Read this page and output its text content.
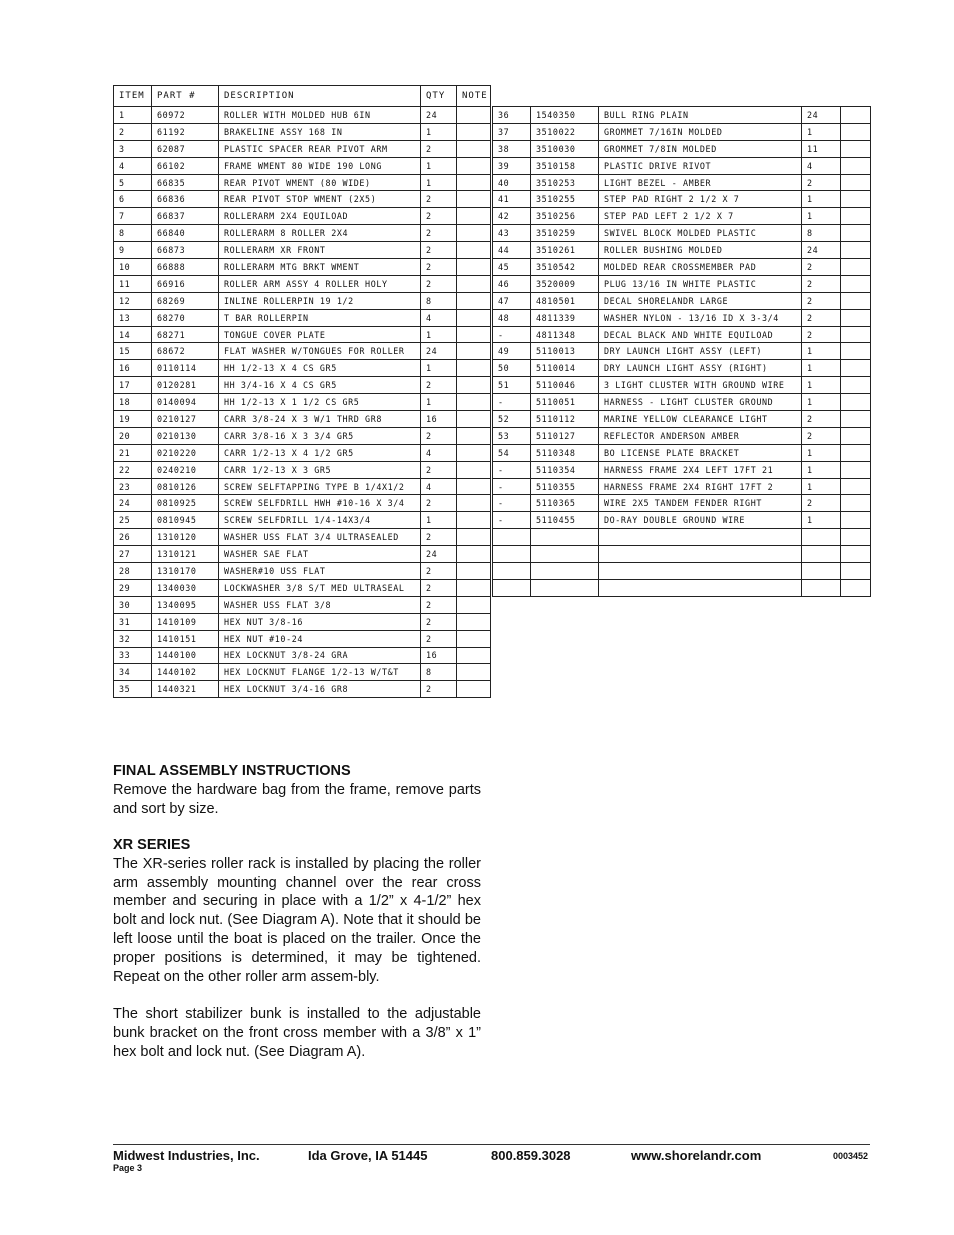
ITEM	PART #	DESCRIPTION	QTY	NOTE
1	60972	ROLLER WITH MOLDED HUB 6IN	24	
2	61192	BRAKELINE ASSY 168 IN	1	
3	62087	PLASTIC SPACER REAR PIVOT ARM	2	
4	66102	FRAME WMENT 80 WIDE 190 LONG	1	
5	66835	REAR PIVOT WMENT (80 WIDE)	1	
6	66836	REAR PIVOT STOP WMENT (2X5)	2	
7	66837	ROLLERARM 2X4 EQUILOAD	2	
8	66840	ROLLERARM 8 ROLLER 2X4	2	
9	66873	ROLLERARM XR FRONT	2	
10	66888	ROLLERARM MTG BRKT WMENT	2	
11	66916	ROLLER ARM ASSY 4 ROLLER HOLY	2	
12	68269	INLINE ROLLERPIN 19 1/2	8	
13	68270	T BAR ROLLERPIN	4	
14	68271	TONGUE COVER PLATE	1	
15	68672	FLAT WASHER W/TONGUES FOR ROLLER	24	
16	0110114	HH 1/2-13 X 4 CS GR5	1	
17	0120281	HH 3/4-16 X 4 CS GR5	2	
18	0140094	HH 1/2-13 X 1 1/2 CS GR5	1	
19	0210127	CARR 3/8-24 X 3 W/1 THRD GR8	16	
20	0210130	CARR 3/8-16 X 3 3/4 GR5	2	
21	0210220	CARR 1/2-13 X 4 1/2 GR5	4	
22	0240210	CARR 1/2-13 X 3 GR5	2	
23	0810126	SCREW SELFTAPPING TYPE B 1/4X1/2	4	
24	0810925	SCREW SELFDRILL HWH #10-16 X 3/4	2	
25	0810945	SCREW SELFDRILL 1/4-14X3/4	1	
26	1310120	WASHER USS FLAT 3/4 ULTRASEALED	2	
27	1310121	WASHER SAE FLAT	24	
28	1310170	WASHER#10 USS FLAT	2	
29	1340030	LOCKWASHER 3/8 S/T MED ULTRASEAL	2	
30	1340095	WASHER USS FLAT 3/8	2	
31	1410109	HEX NUT 3/8-16	2	
32	1410151	HEX NUT #10-24	2	
33	1440100	HEX LOCKNUT 3/8-24 GRA	16	
34	1440102	HEX LOCKNUT FLANGE 1/2-13 W/T&T	8	
35	1440321	HEX LOCKNUT 3/4-16 GR8	2	
36	1540350	BULL RING PLAIN	24	
37	3510022	GROMMET 7/16IN MOLDED	1	
38	3510030	GROMMET 7/8IN MOLDED	11	
39	3510158	PLASTIC DRIVE RIVOT	4	
40	3510253	LIGHT BEZEL - AMBER	2	
41	3510255	STEP PAD RIGHT 2 1/2 X 7	1	
42	3510256	STEP PAD LEFT 2 1/2 X 7	1	
43	3510259	SWIVEL BLOCK MOLDED PLASTIC	8	
44	3510261	ROLLER BUSHING MOLDED	24	
45	3510542	MOLDED REAR CROSSMEMBER PAD	2	
46	3520009	PLUG 13/16 IN WHITE PLASTIC	2	
47	4810501	DECAL SHORELANDR LARGE	2	
48	4811339	WASHER NYLON - 13/16 ID X 3-3/4	2	
-	4811348	DECAL BLACK AND WHITE EQUILOAD	2	
49	5110013	DRY LAUNCH LIGHT ASSY (LEFT)	1	
50	5110014	DRY LAUNCH LIGHT ASSY (RIGHT)	1	
51	5110046	3 LIGHT CLUSTER WITH GROUND WIRE	1	
-	5110051	HARNESS - LIGHT CLUSTER GROUND	1	
52	5110112	MARINE YELLOW CLEARANCE LIGHT	2	
53	5110127	REFLECTOR ANDERSON AMBER	2	
54	5110348	BO LICENSE PLATE BRACKET	1	
-	5110354	HARNESS FRAME 2X4 LEFT 17FT 21	1	
-	5110355	HARNESS FRAME 2X4 RIGHT 17FT 2	1	
-	5110365	WIRE 2X5 TANDEM FENDER RIGHT	2	
-	5110455	DO-RAY DOUBLE GROUND WIRE	1	

FINAL ASSEMBLY INSTRUCTIONS

Remove the hardware bag from the frame, remove parts and sort by size.

XR SERIES

The XR-series roller rack is installed by placing the roller arm assembly mounting channel over the rear cross member and securing in place with a 1/2” x 4-1/2” hex bolt and lock nut. (See Diagram A). Note that it should be left loose until the boat is placed on the trailer. Once the proper positions is determined, it may be tightened. Repeat on the other roller arm assem-bly.

The short stabilizer bunk is installed to the adjustable bunk bracket on the front cross member with a 3/8” x 1” hex bolt and lock nut. (See Diagram A).

Midwest Industries, Inc.	Ida Grove, IA 51445	800.859.3028	www.shorelandr.com	0003452
Page 3
